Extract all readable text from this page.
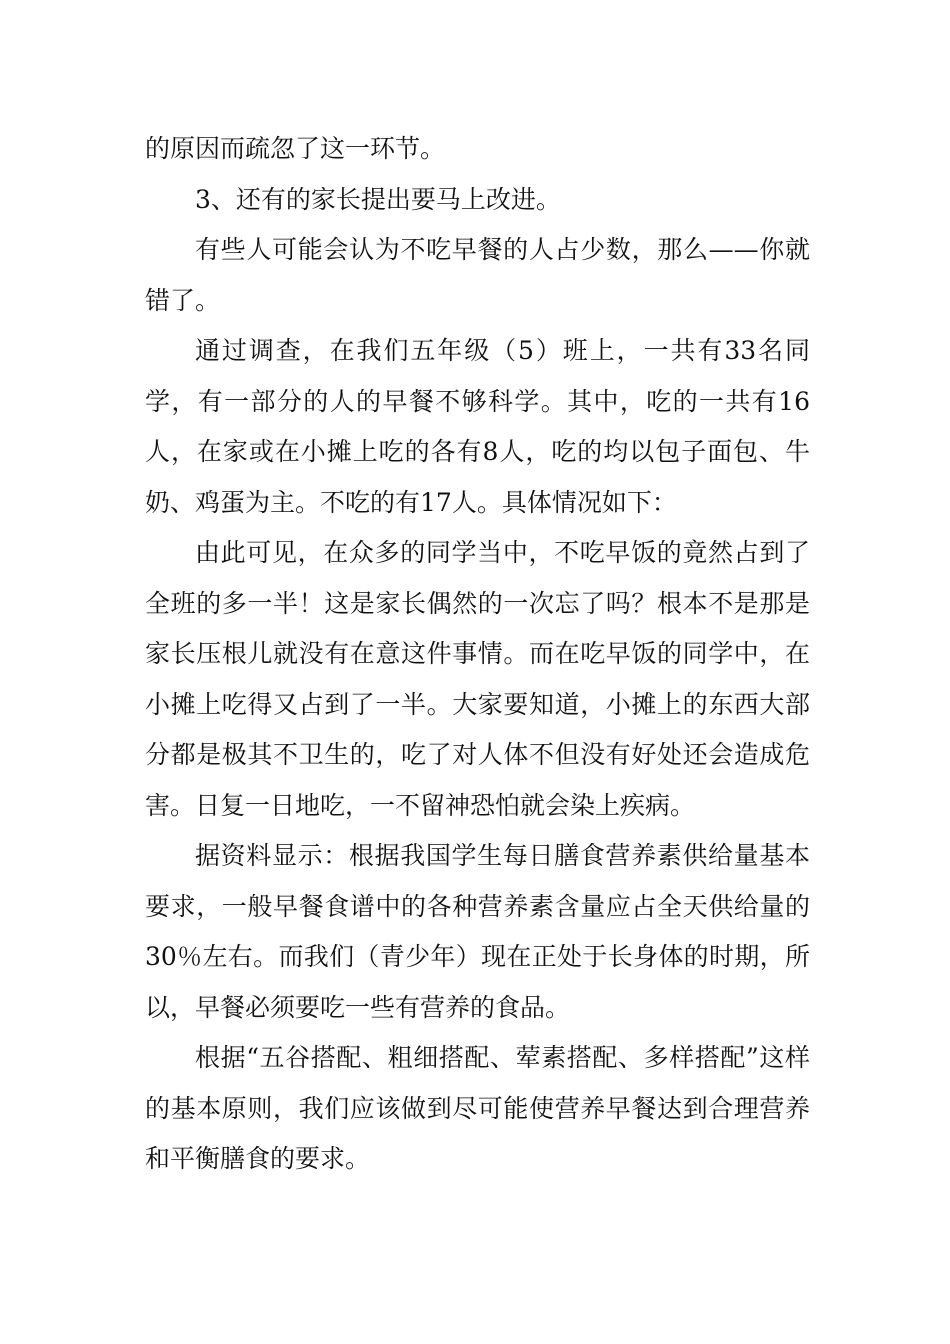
的原因而疏忽了这一环节。

3、还有的家长提出要马上改进。

有些人可能会认为不吃早餐的人占少数，那么——你就错了。

通过调查，在我们五年级（5）班上，一共有33名同学，有一部分的人的早餐不够科学。其中，吃的一共有16人，在家或在小摊上吃的各有8人，吃的均以包子面包、牛奶、鸡蛋为主。不吃的有17人。具体情况如下：

由此可见，在众多的同学当中，不吃早饭的竟然占到了全班的多一半！这是家长偶然的一次忘了吗？根本不是那是家长压根儿就没有在意这件事情。而在吃早饭的同学中，在小摊上吃得又占到了一半。大家要知道，小摊上的东西大部分都是极其不卫生的，吃了对人体不但没有好处还会造成危害。日复一日地吃，一不留神恐怕就会染上疾病。

据资料显示：根据我国学生每日膳食营养素供给量基本要求，一般早餐食谱中的各种营养素含量应占全天供给量的30％左右。而我们（青少年）现在正处于长身体的时期，所以，早餐必须要吃一些有营养的食品。

根据“五谷搭配、粗细搭配、荤素搭配、多样搭配”这样的基本原则，我们应该做到尽可能使营养早餐达到合理营养和平衡膳食的要求。
